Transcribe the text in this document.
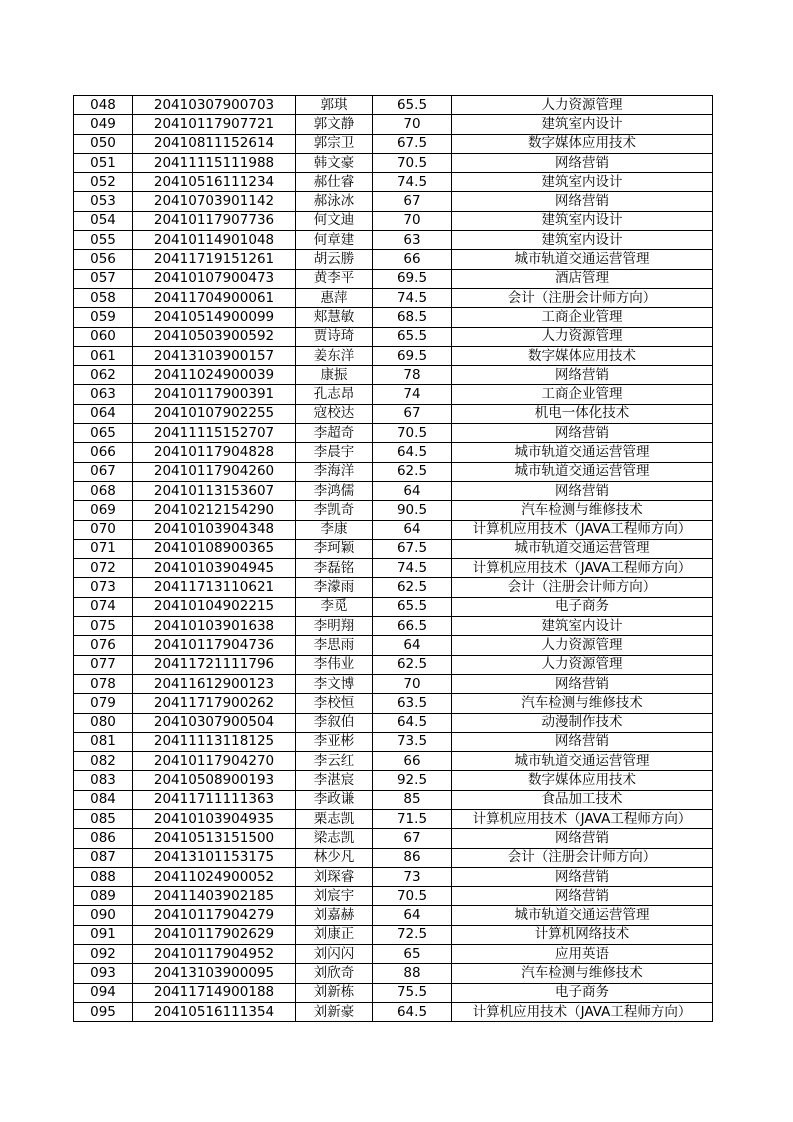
048	20410307900703	郭琪	65.5	人力资源管理
049	20410117907721	郭文静	70	建筑室内设计
050	20410811152614	郭宗卫	67.5	数字媒体应用技术
051	20411115111988	韩文豪	70.5	网络营销
052	20410516111234	郝仕睿	74.5	建筑室内设计
053	20410703901142	郝泳冰	67	网络营销
054	20410117907736	何文迪	70	建筑室内设计
055	20410114901048	何章建	63	建筑室内设计
056	20411719151261	胡云勝	66	城市轨道交通运营管理
057	20410107900473	黄李平	69.5	酒店管理
058	20411704900061	惠萍	74.5	会计（注册会计师方向）
059	20410514900099	郏慧敏	68.5	工商企业管理
060	20410503900592	贾诗琦	65.5	人力资源管理
061	20413103900157	姜东洋	69.5	数字媒体应用技术
062	20411024900039	康振	78	网络营销
063	20410117900391	孔志昂	74	工商企业管理
064	20410107902255	寇校达	67	机电一体化技术
065	20411115152707	李超奇	70.5	网络营销
066	20410117904828	李晨宇	64.5	城市轨道交通运营管理
067	20410117904260	李海洋	62.5	城市轨道交通运营管理
068	20410113153607	李鸿儒	64	网络营销
069	20410212154290	李凯奇	90.5	汽车检测与维修技术
070	20410103904348	李康	64	计算机应用技术（JAVA工程师方向）
071	20410108900365	李珂颖	67.5	城市轨道交通运营管理
072	20410103904945	李磊铭	74.5	计算机应用技术（JAVA工程师方向）
073	20411713110621	李濛雨	62.5	会计（注册会计师方向）
074	20410104902215	李觅	65.5	电子商务
075	20410103901638	李明翔	66.5	建筑室内设计
076	20410117904736	李思雨	64	人力资源管理
077	20411721111796	李伟业	62.5	人力资源管理
078	20411612900123	李文博	70	网络营销
079	20411717900262	李校恒	63.5	汽车检测与维修技术
080	20410307900504	李叙伯	64.5	动漫制作技术
081	20411113118125	李亚彬	73.5	网络营销
082	20410117904270	李云红	66	城市轨道交通运营管理
083	20410508900193	李湛宸	92.5	数字媒体应用技术
084	20411711111363	李政谦	85	食品加工技术
085	20410103904935	栗志凯	71.5	计算机应用技术（JAVA工程师方向）
086	20410513151500	梁志凯	67	网络营销
087	20413101153175	林少凡	86	会计（注册会计师方向）
088	20411024900052	刘琛睿	73	网络营销
089	20411403902185	刘宸宇	70.5	网络营销
090	20410117904279	刘嘉赫	64	城市轨道交通运营管理
091	20410117902629	刘康正	72.5	计算机网络技术
092	20410117904952	刘闪闪	65	应用英语
093	20413103900095	刘欣奇	88	汽车检测与维修技术
094	20411714900188	刘新栋	75.5	电子商务
095	20410516111354	刘新豪	64.5	计算机应用技术（JAVA工程师方向）
